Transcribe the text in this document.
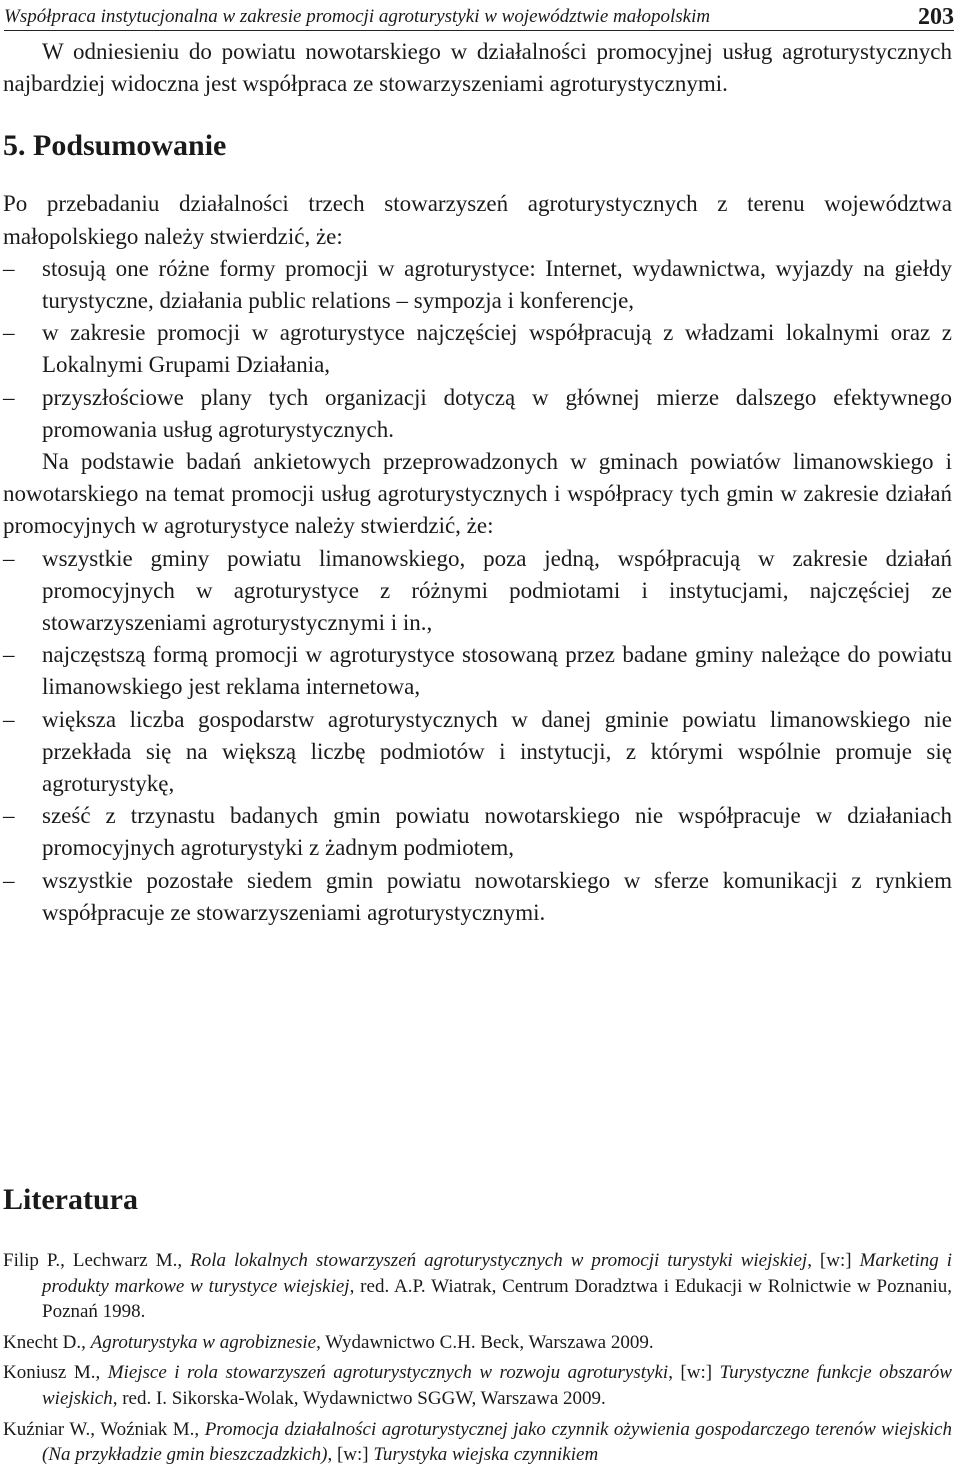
Współpraca instytucjonalna w zakresie promocji agroturystyki w województwie małopolskim	203

W odniesieniu do powiatu nowotarskiego w działalności promocyjnej usług agroturystycznych najbardziej widoczna jest współpraca ze stowarzyszeniami agroturystycznymi.

5. Podsumowanie

Po przebadaniu działalności trzech stowarzyszeń agroturystycznych z terenu województwa małopolskiego należy stwierdzić, że:

– stosują one różne formy promocji w agroturystyce: Internet, wydawnictwa, wyjazdy na giełdy turystyczne, działania public relations – sympozja i konferencje,
– w zakresie promocji w agroturystyce najczęściej współpracują z władzami lokalnymi oraz z Lokalnymi Grupami Działania,
– przyszłościowe plany tych organizacji dotyczą w głównej mierze dalszego efektywnego promowania usług agroturystycznych.

Na podstawie badań ankietowych przeprowadzonych w gminach powiatów limanowskiego i nowotarskiego na temat promocji usług agroturystycznych i współpracy tych gmin w zakresie działań promocyjnych w agroturystyce należy stwierdzić, że:

– wszystkie gminy powiatu limanowskiego, poza jedną, współpracują w zakresie działań promocyjnych w agroturystyce z różnymi podmiotami i instytucjami, najczęściej ze stowarzyszeniami agroturystycznymi i in.,
– najczęstszą formą promocji w agroturystyce stosowaną przez badane gminy należące do powiatu limanowskiego jest reklama internetowa,
– większa liczba gospodarstw agroturystycznych w danej gminie powiatu limanowskiego nie przekłada się na większą liczbę podmiotów i instytucji, z którymi wspólnie promuje się agroturystykę,
– sześć z trzynastu badanych gmin powiatu nowotarskiego nie współpracuje w działaniach promocyjnych agroturystyki z żadnym podmiotem,
– wszystkie pozostałe siedem gmin powiatu nowotarskiego w sferze komunikacji z rynkiem współpracuje ze stowarzyszeniami agroturystycznymi.
Literatura
Filip P., Lechwarz M., Rola lokalnych stowarzyszeń agroturystycznych w promocji turystyki wiejskiej, [w:] Marketing i produkty markowe w turystyce wiejskiej, red. A.P. Wiatrak, Centrum Doradztwa i Edukacji w Rolnictwie w Poznaniu, Poznań 1998.
Knecht D., Agroturystyka w agrobiznesie, Wydawnictwo C.H. Beck, Warszawa 2009.
Koniusz M., Miejsce i rola stowarzyszeń agroturystycznych w rozwoju agroturystyki, [w:] Turystyczne funkcje obszarów wiejskich, red. I. Sikorska-Wolak, Wydawnictwo SGGW, Warszawa 2009.
Kuźniar W., Woźniak M., Promocja działalności agroturystycznej jako czynnik ożywienia gospodarczego terenów wiejskich (Na przykładzie gmin bieszczadzkich), [w:] Turystyka wiejska czynnikiem
